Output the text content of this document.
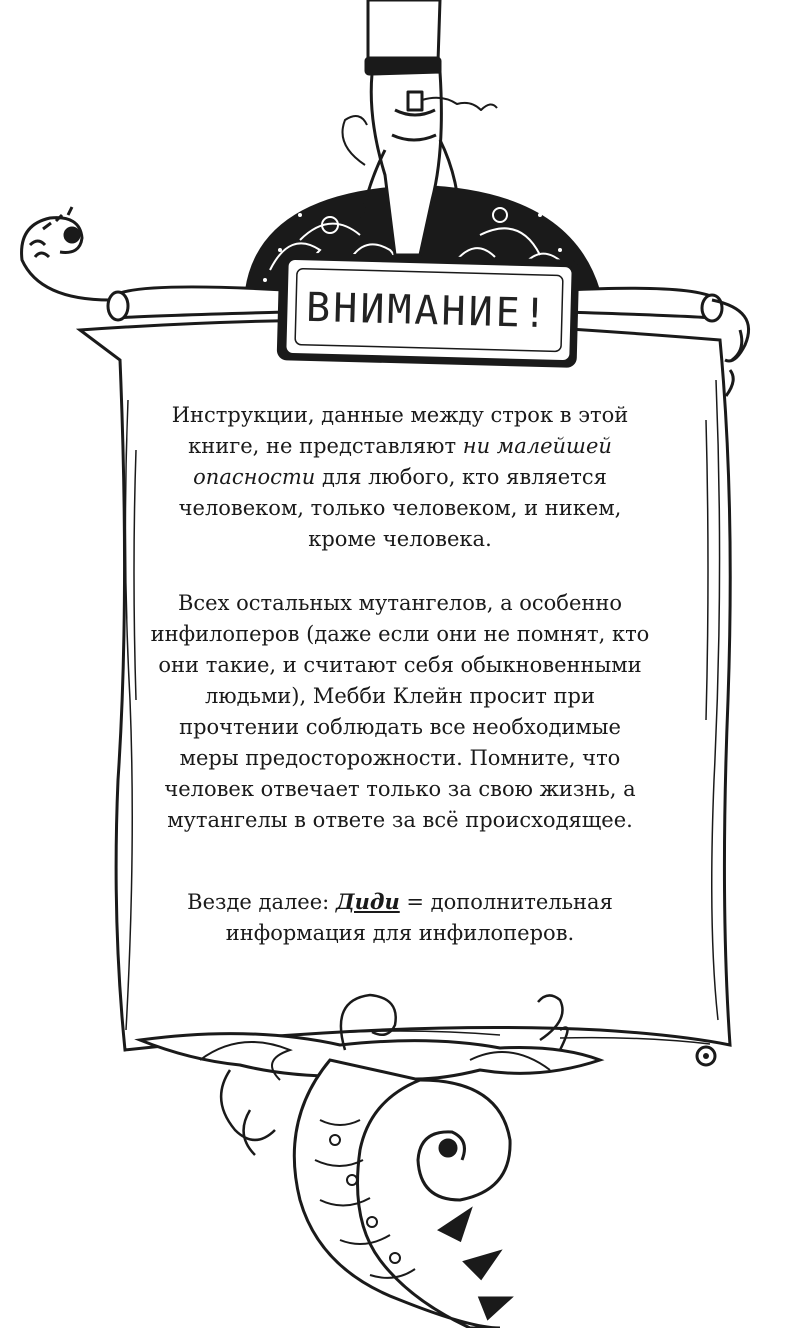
ВНИМАНИЕ!

Инструкции, данные между строк в этой книге, не представляют ни малейшей опасности для любого, кто является человеком, только человеком, и никем, кроме человека.

Всех остальных мутангелов, а особенно инфилоперов (даже если они не помнят, кто они такие, и считают себя обыкновенными людьми), Мебби Клейн просит при прочтении соблюдать все необходимые меры предосторожности. Помните, что человек отвечает только за свою жизнь, а мутангелы в ответе за всё происходящее.

Везде далее: Диди = дополнительная информация для инфилоперов.
